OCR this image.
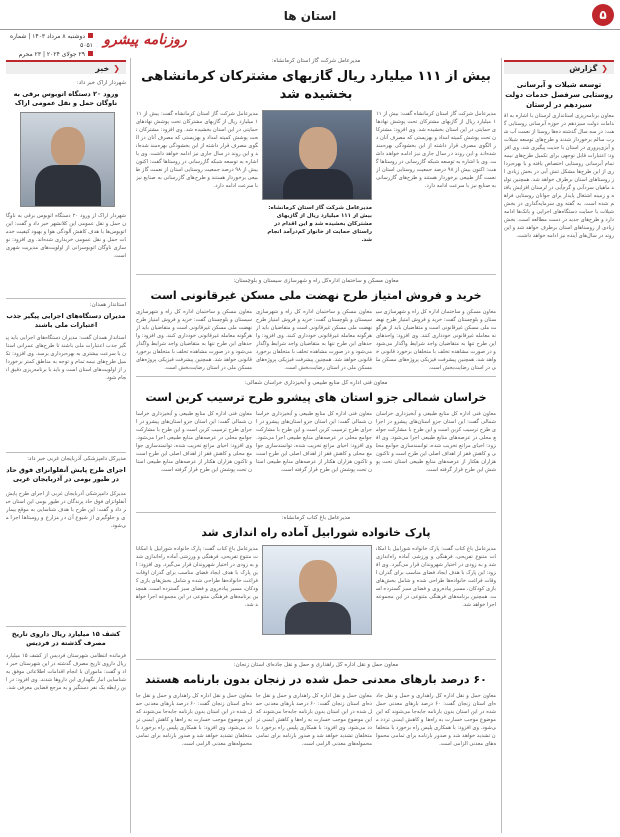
۵
استان ها
روزنامه پیشرو
دوشنبه ۸ مرداد ۱۴۰۳ | شماره ۵۰۵۱
۲۹ جولای ۲۰۲۴ | ۲۳ محرم
❮گزارش
توسعه شیلات و آبرسانی روستایی سرفصل خدمات دولت سیزدهم در لرستان
معاون برنامه‌ریزی استانداری لرستان با اشاره به اقدامات دولت سیزدهم در حوزه آبرسانی روستایی گفت: در سه سال گذشته ده‌ها روستا از نعمت آب شرب سالم برخوردار شدند و طرح‌های توسعه شیلات و آبزی‌پروری در استان با جدیت پیگیری شد. وی افزود: اعتبارات قابل توجهی برای تکمیل طرح‌های نیمه تمام آبرسانی روستایی اختصاص یافته و با بهره‌برداری از این طرح‌ها مشکل تنش آبی در بخش زیادی از روستاهای استان برطرف خواهد شد. همچنین تولید ماهیان سردآبی و گرم‌آبی در لرستان افزایش یافته و زمینه اشتغال پایدار برای جوانان روستایی فراهم شده است. به گفته وی سرمایه‌گذاری در بخش شیلات با حمایت دستگاه‌های اجرایی و بانک‌ها ادامه دارد و طرح‌های جدید در دست مطالعه است. بخش زیادی از روستاهای استان برطرف خواهد شد و این روند در سال‌های آینده نیز ادامه خواهد داشت.
مدیرعامل شرکت گاز استان کرمانشاه:
بیش از ۱۱۱ میلیارد ریال گازبهای مشترکان کرمانشاهی بخشیده شد
مدیرعامل شرکت گاز استان کرمانشاه گفت: بیش از ۱۱۱ میلیارد ریال از گازبهای مشترکان تحت پوشش نهادهای حمایتی در این استان بخشیده شد. وی افزود: مشترکان تحت پوشش کمیته امداد و بهزیستی که مصرف آنان در الگوی مصرف قرار داشته از این بخشودگی بهره‌مند شده‌اند و این روند در سال جاری نیز ادامه خواهد داشت. وی با اشاره به توسعه شبکه گازرسانی در روستاها گفت: اکنون بیش از ۹۸ درصد جمعیت روستایی استان از نعمت گاز طبیعی برخوردار هستند و طرح‌های گازرسانی به صنایع نیز با سرعت ادامه دارد.
مدیرعامل شرکت گاز استان کرمانشاه: بیش از ۱۱۱ میلیارد ریال از گازبهای مشترکان بخشیده شد و این اقدام در راستای حمایت از خانوار کم‌درآمد انجام شد.
مدیرعامل شرکت گاز استان کرمانشاه گفت: بیش از ۱۱۱ میلیارد ریال از گازبهای مشترکان تحت پوشش نهادهای حمایتی در این استان بخشیده شد. وی افزود: مشترکان تحت پوشش کمیته امداد و بهزیستی که مصرف آنان در الگوی مصرف قرار داشته از این بخشودگی بهره‌مند شده‌اند و این روند در سال جاری نیز ادامه خواهد داشت. وی با اشاره به توسعه شبکه گازرسانی در روستاها گفت: اکنون بیش از ۹۸ درصد جمعیت روستایی استان از نعمت گاز طبیعی برخوردار هستند و طرح‌های گازرسانی به صنایع نیز با سرعت ادامه دارد.
معاون مسکن و ساختمان اداره‌کل راه و شهرسازی سیستان و بلوچستان:
خرید و فروش امتیاز طرح نهضت ملی مسکن غیرقانونی است
معاون مسکن و ساختمان اداره کل راه و شهرسازی سیستان و بلوچستان گفت: خرید و فروش امتیاز طرح نهضت ملی مسکن غیرقانونی است و متقاضیان باید از هرگونه معامله غیرقانونی خودداری کنند. وی افزود: واحدهای این طرح تنها به متقاضیان واجد شرایط واگذار می‌شود و در صورت مشاهده تخلف با متخلفان برخورد قانونی خواهد شد. همچنین پیشرفت فیزیکی پروژه‌های مسکن ملی در استان رضایت‌بخش است.
معاون مسکن و ساختمان اداره کل راه و شهرسازی سیستان و بلوچستان گفت: خرید و فروش امتیاز طرح نهضت ملی مسکن غیرقانونی است و متقاضیان باید از هرگونه معامله غیرقانونی خودداری کنند. وی افزود: واحدهای این طرح تنها به متقاضیان واجد شرایط واگذار می‌شود و در صورت مشاهده تخلف با متخلفان برخورد قانونی خواهد شد. همچنین پیشرفت فیزیکی پروژه‌های مسکن ملی در استان رضایت‌بخش است.
معاون مسکن و ساختمان اداره کل راه و شهرسازی سیستان و بلوچستان گفت: خرید و فروش امتیاز طرح نهضت ملی مسکن غیرقانونی است و متقاضیان باید از هرگونه معامله غیرقانونی خودداری کنند. وی افزود: واحدهای این طرح تنها به متقاضیان واجد شرایط واگذار می‌شود و در صورت مشاهده تخلف با متخلفان برخورد قانونی خواهد شد. همچنین پیشرفت فیزیکی پروژه‌های مسکن ملی در استان رضایت‌بخش است.
معاون فنی اداره کل منابع طبیعی و آبخیزداری خراسان شمالی:
خراسان شمالی جزو استان های پیشرو طرح ترسیب کربن است
معاون فنی اداره کل منابع طبیعی و آبخیزداری خراسان شمالی گفت: این استان جزو استان‌های پیشرو در اجرای طرح ترسیب کربن است و این طرح با مشارکت جوامع محلی در عرصه‌های منابع طبیعی اجرا می‌شود. وی افزود: احیای مراتع تخریب شده، توانمندسازی جوامع محلی و کاهش فقر از اهداف اصلی این طرح است و تاکنون هزاران هکتار از عرصه‌های منابع طبیعی استان تحت پوشش این طرح قرار گرفته است.
معاون فنی اداره کل منابع طبیعی و آبخیزداری خراسان شمالی گفت: این استان جزو استان‌های پیشرو در اجرای طرح ترسیب کربن است و این طرح با مشارکت جوامع محلی در عرصه‌های منابع طبیعی اجرا می‌شود. وی افزود: احیای مراتع تخریب شده، توانمندسازی جوامع محلی و کاهش فقر از اهداف اصلی این طرح است و تاکنون هزاران هکتار از عرصه‌های منابع طبیعی استان تحت پوشش این طرح قرار گرفته است.
معاون فنی اداره کل منابع طبیعی و آبخیزداری خراسان شمالی گفت: این استان جزو استان‌های پیشرو در اجرای طرح ترسیب کربن است و این طرح با مشارکت جوامع محلی در عرصه‌های منابع طبیعی اجرا می‌شود. وی افزود: احیای مراتع تخریب شده، توانمندسازی جوامع محلی و کاهش فقر از اهداف اصلی این طرح است و تاکنون هزاران هکتار از عرصه‌های منابع طبیعی استان تحت پوشش این طرح قرار گرفته است.
مدیرعامل باغ کتاب کرمانشاه:
پارک خانواده شورابیل آماده راه اندازی شد
مدیرعامل باغ کتاب گفت: پارک خانواده شورابیل با امکانات متنوع تفریحی، فرهنگی و ورزشی آماده راه‌اندازی شد و به زودی در اختیار شهروندان قرار می‌گیرد. وی افزود: این پارک با هدف ایجاد فضای مناسب برای گذران اوقات فراغت خانواده‌ها طراحی شده و شامل بخش‌های بازی کودکان، مسیر پیاده‌روی و فضای سبز گسترده است. همچنین برنامه‌های فرهنگی متنوعی در این مجموعه اجرا خواهد شد.
مدیرعامل باغ کتاب گفت: پارک خانواده شورابیل با امکانات متنوع تفریحی، فرهنگی و ورزشی آماده راه‌اندازی شد و به زودی در اختیار شهروندان قرار می‌گیرد. وی افزود: این پارک با هدف ایجاد فضای مناسب برای گذران اوقات فراغت خانواده‌ها طراحی شده و شامل بخش‌های بازی کودکان، مسیر پیاده‌روی و فضای سبز گسترده است. همچنین برنامه‌های فرهنگی متنوعی در این مجموعه اجرا خواهد شد.
معاون حمل و نقل اداره کل راهداری و حمل و نقل جاده‌ای استان زنجان:
۶۰ درصد بارهای معدنی حمل شده در زنجان بدون بارنامه هستند
معاون حمل و نقل اداره کل راهداری و حمل و نقل جاده‌ای استان زنجان گفت: ۶۰ درصد بارهای معدنی حمل شده در این استان بدون بارنامه جابه‌جا می‌شوند که این موضوع موجب خسارت به راه‌ها و کاهش ایمنی تردد می‌شود. وی افزود: با همکاری پلیس راه برخورد با متخلفان تشدید خواهد شد و صدور بارنامه برای تمامی محموله‌های معدنی الزامی است.
معاون حمل و نقل اداره کل راهداری و حمل و نقل جاده‌ای استان زنجان گفت: ۶۰ درصد بارهای معدنی حمل شده در این استان بدون بارنامه جابه‌جا می‌شوند که این موضوع موجب خسارت به راه‌ها و کاهش ایمنی تردد می‌شود. وی افزود: با همکاری پلیس راه برخورد با متخلفان تشدید خواهد شد و صدور بارنامه برای تمامی محموله‌های معدنی الزامی است.
معاون حمل و نقل اداره کل راهداری و حمل و نقل جاده‌ای استان زنجان گفت: ۶۰ درصد بارهای معدنی حمل شده در این استان بدون بارنامه جابه‌جا می‌شوند که این موضوع موجب خسارت به راه‌ها و کاهش ایمنی تردد می‌شود. وی افزود: با همکاری پلیس راه برخورد با متخلفان تشدید خواهد شد و صدور بارنامه برای تمامی محموله‌های معدنی الزامی است.
❮خبر
شهردار اراک خبر داد:
ورود ۲۰ دستگاه اتوبوس برقی به ناوگان حمل و نقل عمومی اراک
شهردار اراک از ورود ۲۰ دستگاه اتوبوس برقی به ناوگان حمل و نقل عمومی این کلانشهر خبر داد و گفت: این اتوبوس‌ها با هدف کاهش آلودگی هوا و بهبود کیفیت خدمات حمل و نقل عمومی خریداری شده‌اند. وی افزود: نوسازی ناوگان اتوبوسرانی از اولویت‌های مدیریت شهری است.
استاندار همدان:
مدیران دستگاه‌های اجرایی پیگیر جذب اعتبارات ملی باشند
استاندار همدان گفت: مدیران دستگاه‌های اجرایی باید پیگیر جذب اعتبارات ملی باشند تا طرح‌های عمرانی استان با سرعت بیشتری به بهره‌برداری برسد. وی افزود: تکمیل طرح‌های نیمه تمام و توجه به مناطق کمتر برخوردار از اولویت‌های استان است و باید با برنامه‌ریزی دقیق انجام شود.
مدیرکل دامپزشکی آذربایجان غربی خبر داد:
اجرای طرح پایش آنفلوانزای فوق حاد در طیور بومی در آذربایجان غربی
مدیرکل دامپزشکی آذربایجان غربی از اجرای طرح پایش آنفلوانزای فوق حاد پرندگان در طیور بومی این استان خبر داد و گفت: این طرح با هدف شناسایی به موقع بیماری و جلوگیری از شیوع آن در مزارع و روستاها اجرا می‌شود.
کشف ۱۵ میلیارد ریال داروی تاریخ مصرف گذشته در فردیس
فرمانده انتظامی شهرستان فردیس از کشف ۱۵ میلیارد ریال داروی تاریخ مصرف گذشته در این شهرستان خبر داد و گفت: ماموران با انجام اقدامات اطلاعاتی موفق به شناسایی انبار نگهداری این داروها شدند. وی افزود: در این رابطه یک نفر دستگیر و به مرجع قضایی معرفی شد.
